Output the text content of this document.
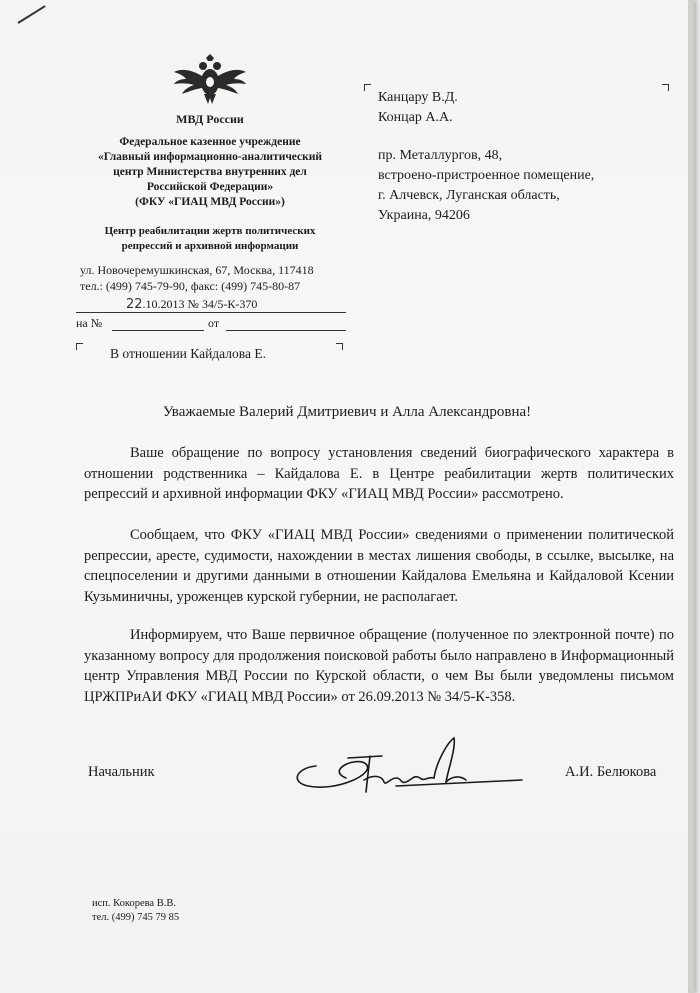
МВД России
Федеральное казенное учреждение
«Главный информационно-аналитический
центр Министерства внутренних дел
Российской Федерации»
(ФКУ «ГИАЦ МВД России»)
Центр реабилитации жертв политических
репрессий и архивной информации
ул. Новочеремушкинская, 67, Москва, 117418
тел.: (499) 745-79-90, факс: (499) 745-80-87
22.10.2013 № 34/5-К-370
на №	от
В отношении Кайдалова Е.
Канцару В.Д.
Концар А.А.
пр. Металлургов, 48,
встроено-пристроенное помещение,
г. Алчевск, Луганская область,
Украина, 94206
Уважаемые Валерий Дмитриевич и Алла Александровна!

Ваше обращение по вопросу установления сведений биографического характера в отношении родственника – Кайдалова Е. в Центре реабилитации жертв политических репрессий и архивной информации ФКУ «ГИАЦ МВД России» рассмотрено.

Сообщаем, что ФКУ «ГИАЦ МВД России» сведениями о применении политической репрессии, аресте, судимости, нахождении в местах лишения свободы, в ссылке, высылке, на спецпоселении и другими данными в отношении Кайдалова Емельяна и Кайдаловой Ксении Кузьминичны, уроженцев курской губернии, не располагает.

Информируем, что Ваше первичное обращение (полученное по электронной почте) по указанному вопросу для продолжения поисковой работы было направлено в Информационный центр Управления МВД России по Курской области, о чем Вы были уведомлены письмом ЦРЖПРиАИ ФКУ «ГИАЦ МВД России» от 26.09.2013 № 34/5-К-358.

Начальник	А.И. Белюкова
исп. Кокорева В.В.
тел. (499) 745 79 85
